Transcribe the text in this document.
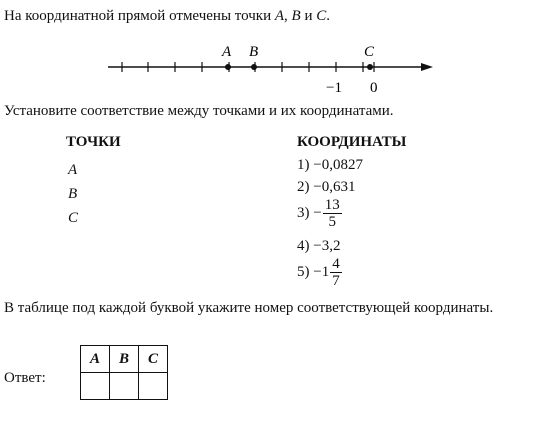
На координатной прямой отмечены точки A, B и C.
A B	C
−1 0
Установите соответствие между точками и их координатами.
ТОЧКИ
A
B
C
КООРДИНАТЫ
1) −0,0827
2) −0,631
$3) - \frac{13}{5}$
4) −3,2
$5) -1 \frac{4}{7}$
В таблице под каждой буквой укажите номер соответствующей координаты.
Ответ:
A	B	C
